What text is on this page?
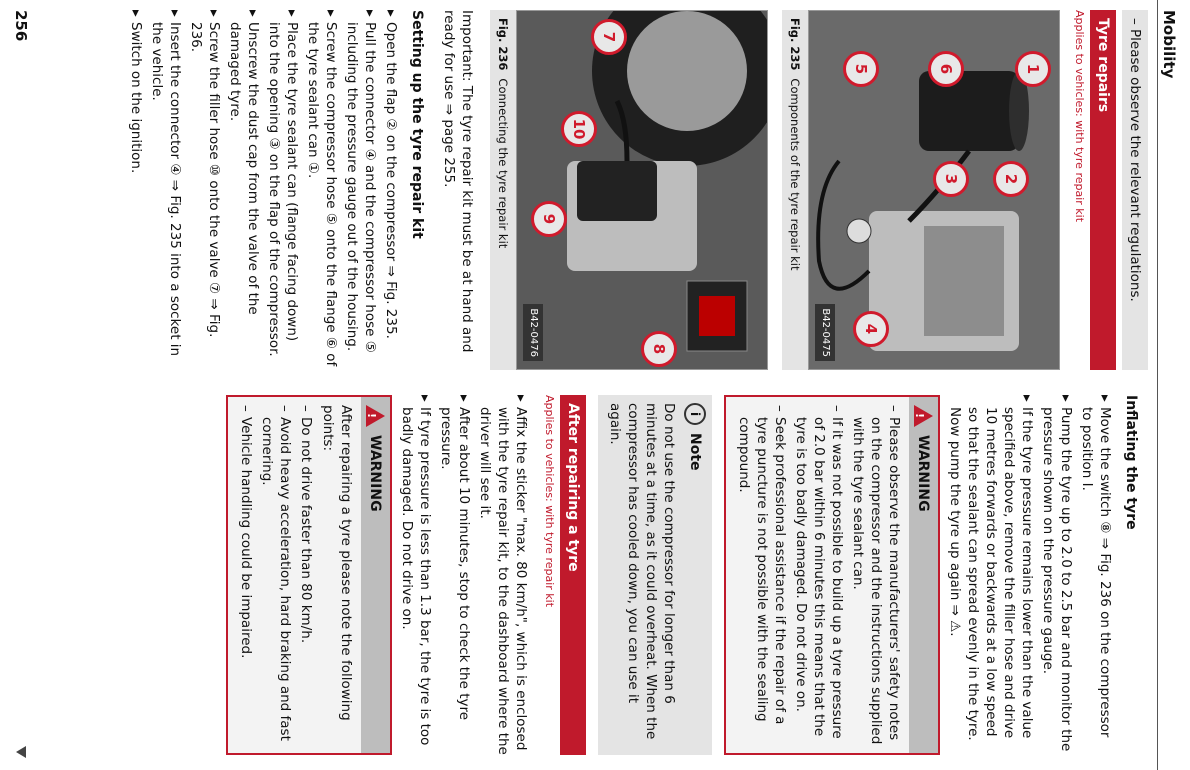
Mobility
– Please observe the relevant regulations.
Tyre repairs
Applies to vehicles: with tyre repair kit
1
6
5
2
3
4
B42-0475
Fig. 235Components of the tyre repair kit
7
10
9
8
B42-0476
Fig. 236Connecting the tyre repair kit

Important: The tyre repair kit must be at hand and ready for use ⇒ page 255.

Setting up the tyre repair kit
▸ Open the flap ② on the compressor ⇒ Fig. 235.
▸ Pull the connector ④ and the compressor hose ⑤ including the pressure gauge out of the housing.
▸ Screw the compressor hose ⑤ onto the flange ⑥ of the tyre sealant can ①.
▸ Place the tyre sealant can (flange facing down) into the opening ③ on the flap of the compressor.
▸ Unscrew the dust cap from the valve of the damaged tyre.
▸ Screw the filler hose ⑩ onto the valve ⑦ ⇒ Fig. 236.
▸ Insert the connector ④ ⇒ Fig. 235 into a socket in the vehicle.
▸ Switch on the ignition.
Inflating the tyre
▸ Move the switch ⑧ ⇒ Fig. 236 on the compressor to position I.
▸ Pump the tyre up to 2.0 to 2.5 bar and monitor the pressure shown on the pressure gauge.
▸ If the tyre pressure remains lower than the value specified above, remove the filler hose and drive 10 metres forwards or backwards at a low speed so that the sealant can spread evenly in the tyre. Now pump the tyre up again ⇒ ⚠.
!
WARNING
– Please observe the manufacturers' safety notes on the compressor and the instructions supplied with the tyre sealant can.
– If it was not possible to build up a tyre pressure of 2.0 bar within 6 minutes this means that the tyre is too badly damaged. Do not drive on.
– Seek professional assistance if the repair of a tyre puncture is not possible with the sealing compound.
i
Note
Do not use the compressor for longer than 6 minutes at a time, as it could overheat. When the compressor has cooled down, you can use it again.
After repairing a tyre
Applies to vehicles: with tyre repair kit
▸ Affix the sticker "max. 80 km/h", which is enclosed with the tyre repair kit, to the dashboard where the driver will see it.
▸ After about 10 minutes, stop to check the tyre pressure.
▸ If tyre pressure is less than 1.3 bar, the tyre is too badly damaged. Do not drive on.
!
WARNING

After repairing a tyre please note the following points:

– Do not drive faster than 80 km/h.
– Avoid heavy acceleration, hard braking and fast cornering.
– Vehicle handling could be impaired.
256
